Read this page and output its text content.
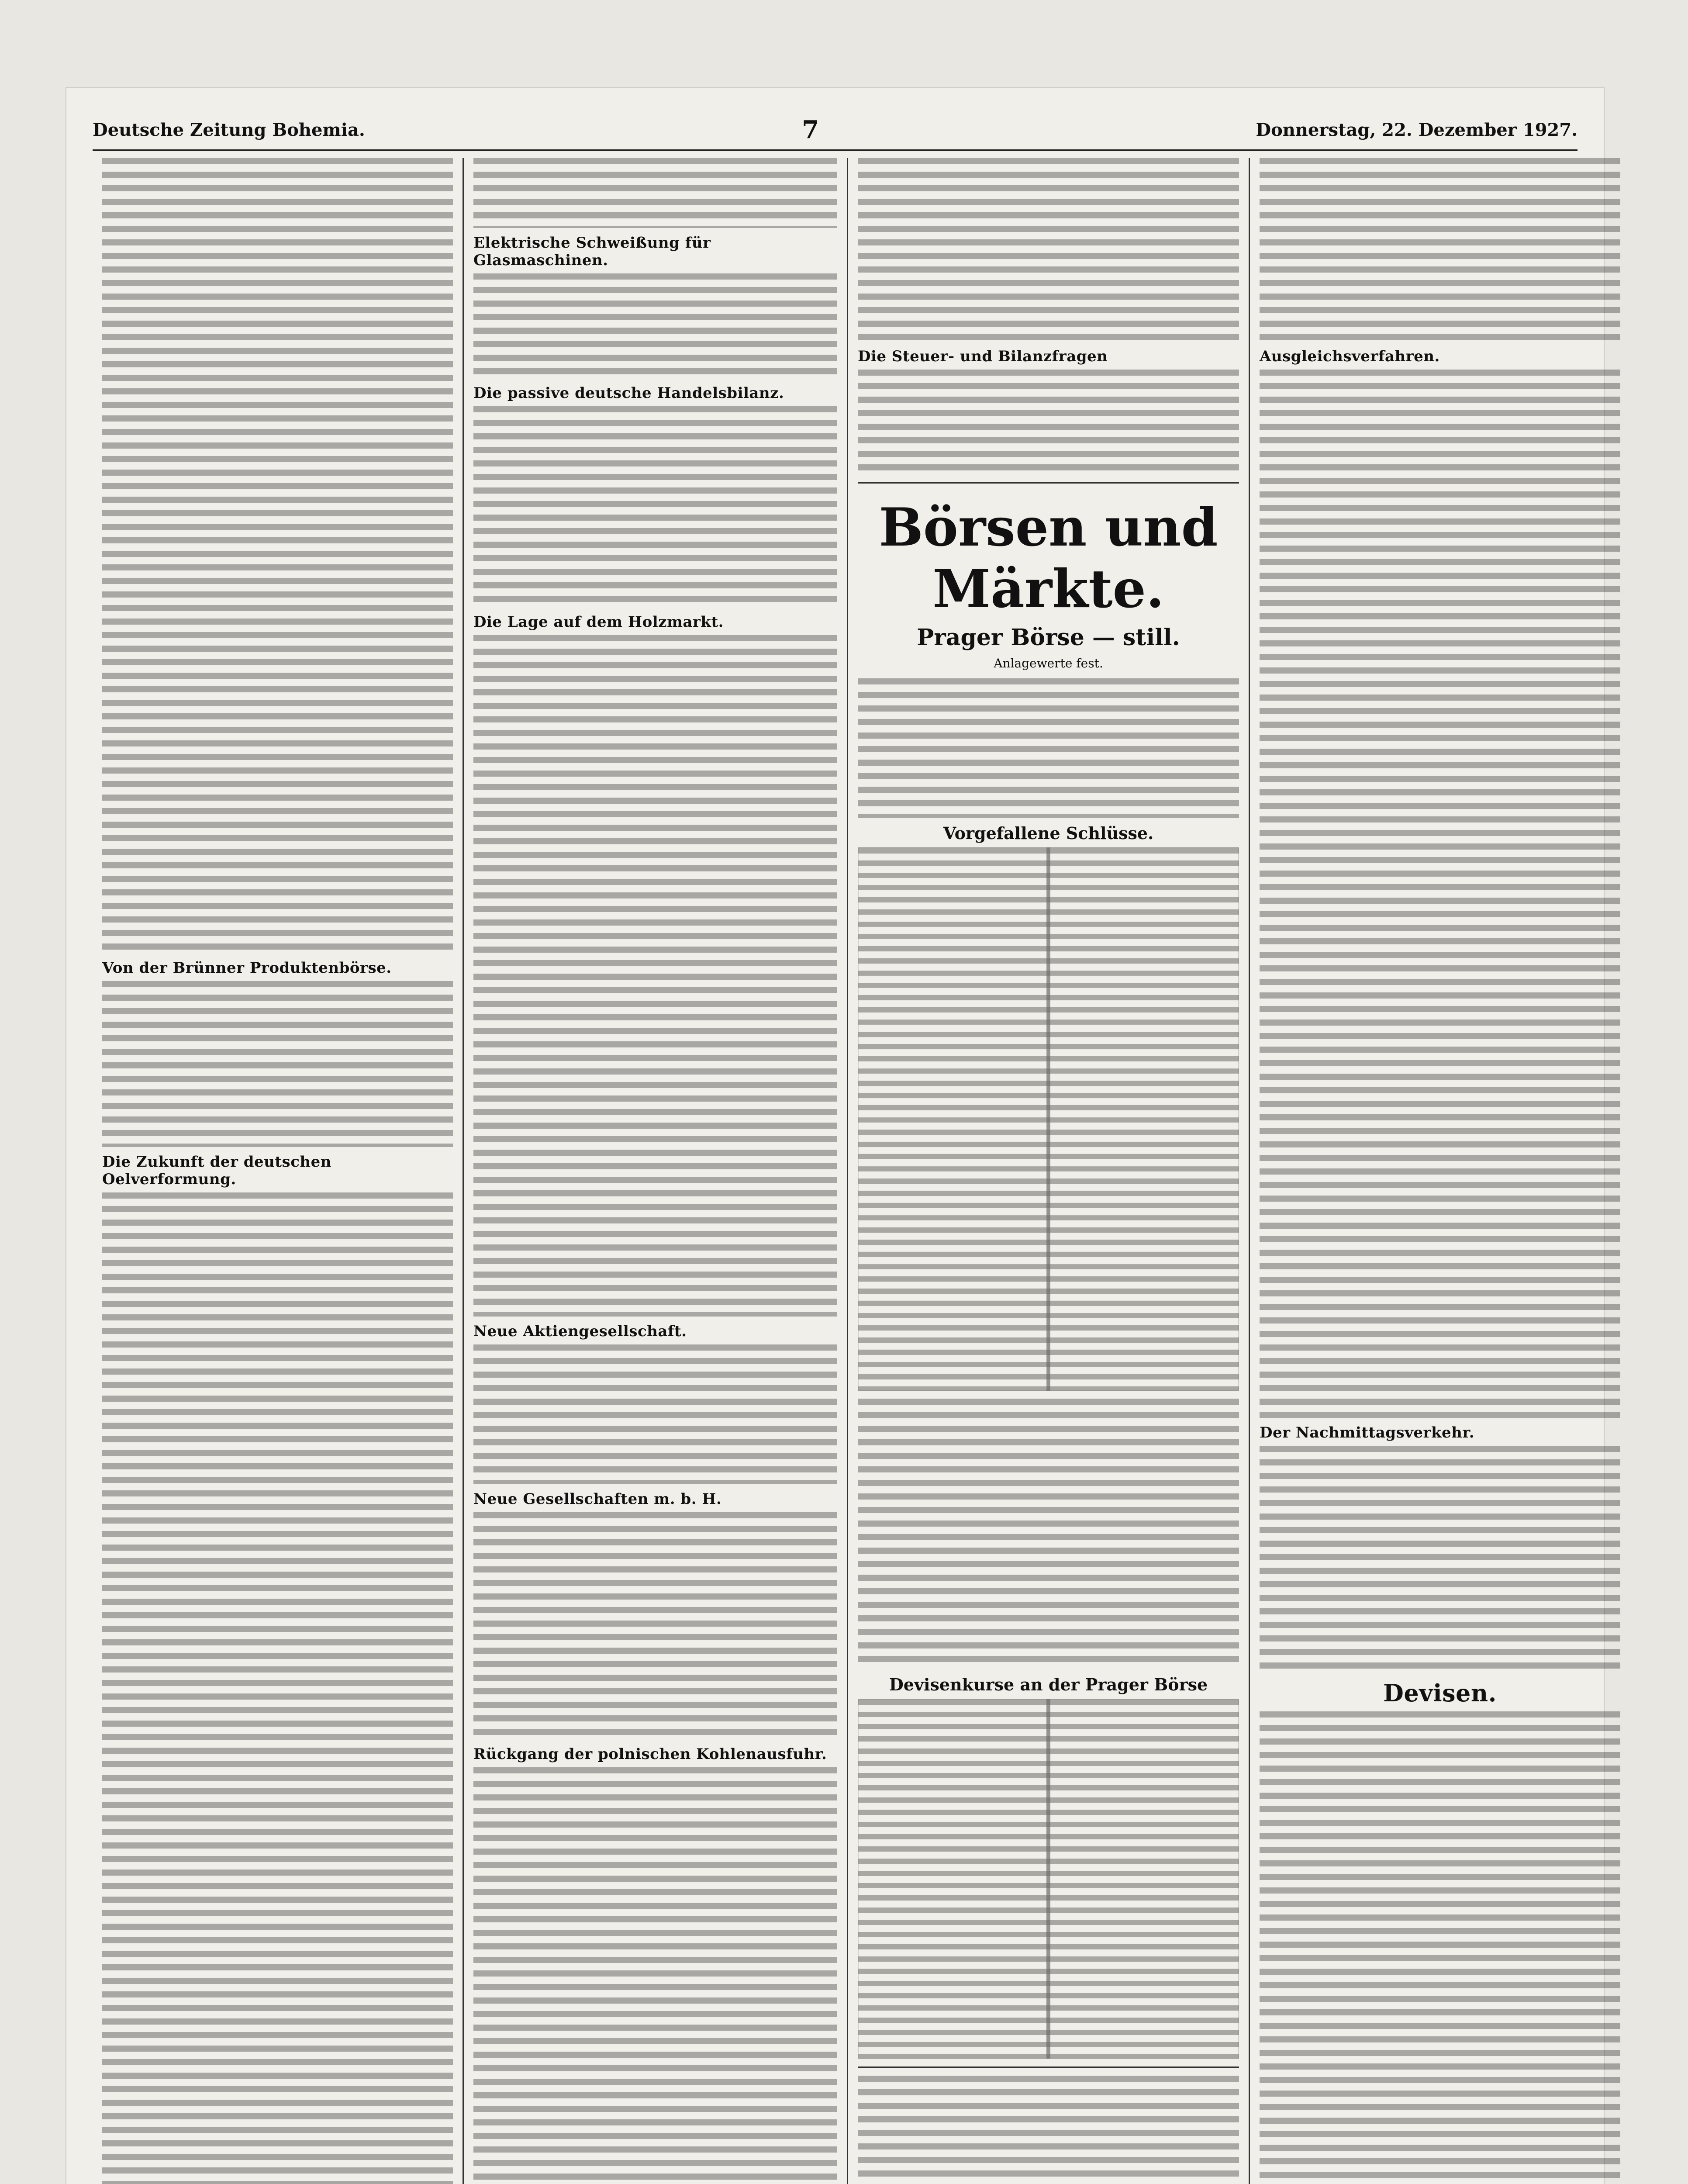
Deutsche Zeitung Bohemia.	7	Donnerstag, 22. Dezember 1927.
Von der Brünner Produktenbörse.
Die Zukunft der deutschen Oelverformung.
Elektrische Schweißung für Glasmaschinen.
Die passive deutsche Handelsbilanz.
Die Lage auf dem Holzmarkt.
Neue Aktiengesellschaft.
Neue Gesellschaften m. b. H.
Rückgang der polnischen Kohlenausfuhr.
Die Steuer- und Bilanzfragen
Börsen und Märkte.
Prager Börse — still.
Anlagewerte fest.
Vorgefallene Schlüsse.
Devisenkurse an der Prager Börse
Ausgleichsverfahren.
Der Nachmittagsverkehr.
Devisen.
